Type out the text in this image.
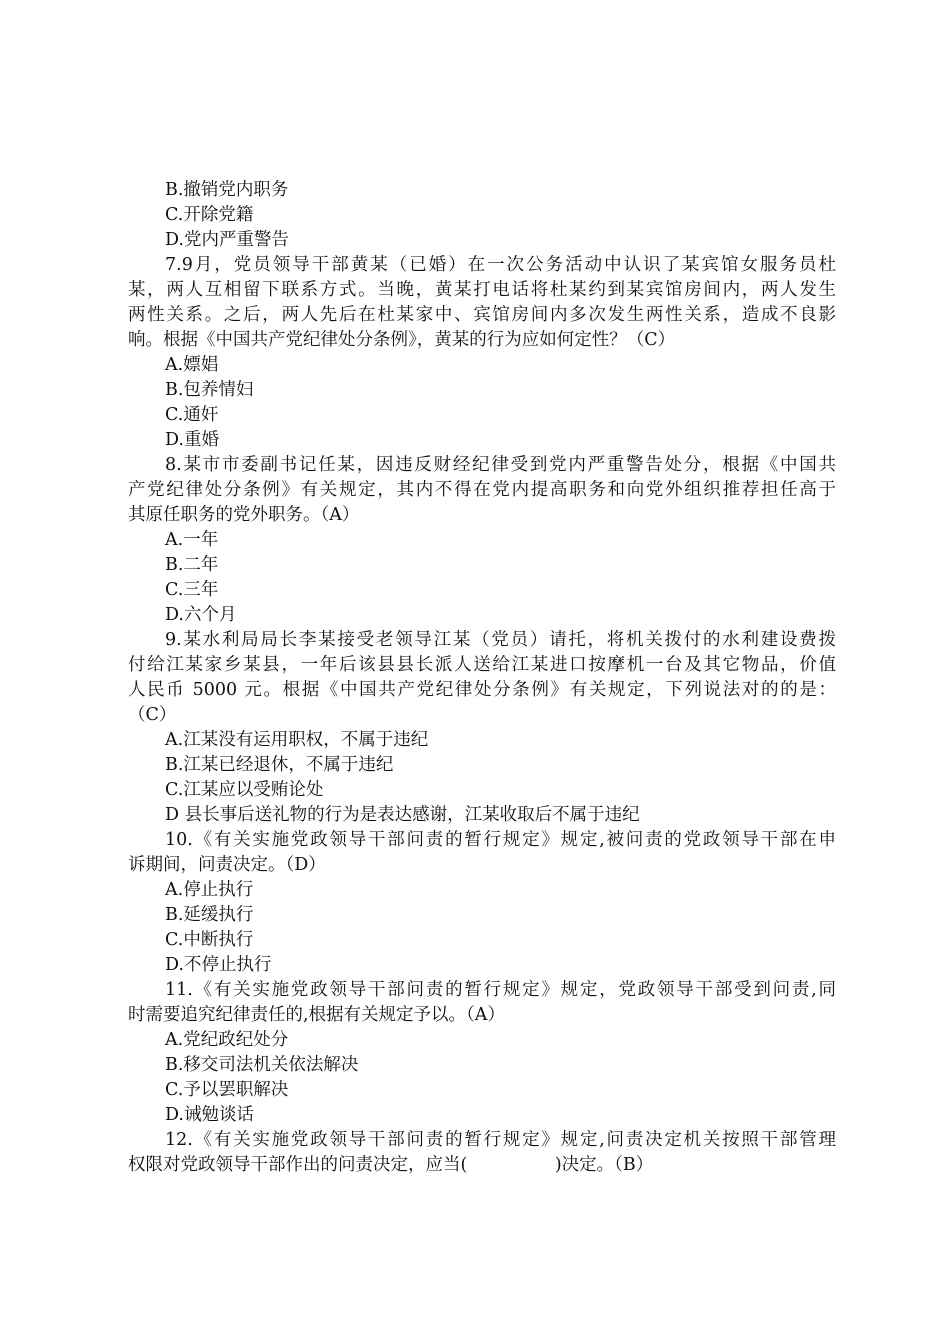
B.撤销党内职务
C.开除党籍
D.党内严重警告
7.9月，党员领导干部黄某（已婚）在一次公务活动中认识了某宾馆女服务员杜
某，两人互相留下联系方式。当晚，黄某打电话将杜某约到某宾馆房间内，两人发生
两性关系。之后，两人先后在杜某家中、宾馆房间内多次发生两性关系，造成不良影
响。根据《中国共产党纪律处分条例》，黄某的行为应如何定性？（C）
A.嫖娼
B.包养情妇
C.通奸
D.重婚
8.某市市委副书记任某，因违反财经纪律受到党内严重警告处分，根据《中国共
产党纪律处分条例》有关规定，其内不得在党内提高职务和向党外组织推荐担任高于
其原任职务的党外职务。（A）
A.一年
B.二年
C.三年
D.六个月
9.某水利局局长李某接受老领导江某（党员）请托，将机关拨付的水利建设费拨
付给江某家乡某县，一年后该县县长派人送给江某进口按摩机一台及其它物品，价值
人民币 5000 元。根据《中国共产党纪律处分条例》有关规定，下列说法对的的是：
（C）
A.江某没有运用职权，不属于违纪
B.江某已经退休，不属于违纪
C.江某应以受贿论处
D 县长事后送礼物的行为是表达感谢，江某收取后不属于违纪
10.《有关实施党政领导干部问责的暂行规定》规定,被问责的党政领导干部在申
诉期间，问责决定。（D）
A.停止执行
B.延缓执行
C.中断执行
D.不停止执行
11.《有关实施党政领导干部问责的暂行规定》规定，党政领导干部受到问责,同
时需要追究纪律责任的,根据有关规定予以。（A）
A.党纪政纪处分
B.移交司法机关依法解决
C.予以罢职解决
D.诫勉谈话
12.《有关实施党政领导干部问责的暂行规定》规定,问责决定机关按照干部管理
权限对党政领导干部作出的问责决定，应当(　　　　　)决定。（B）
